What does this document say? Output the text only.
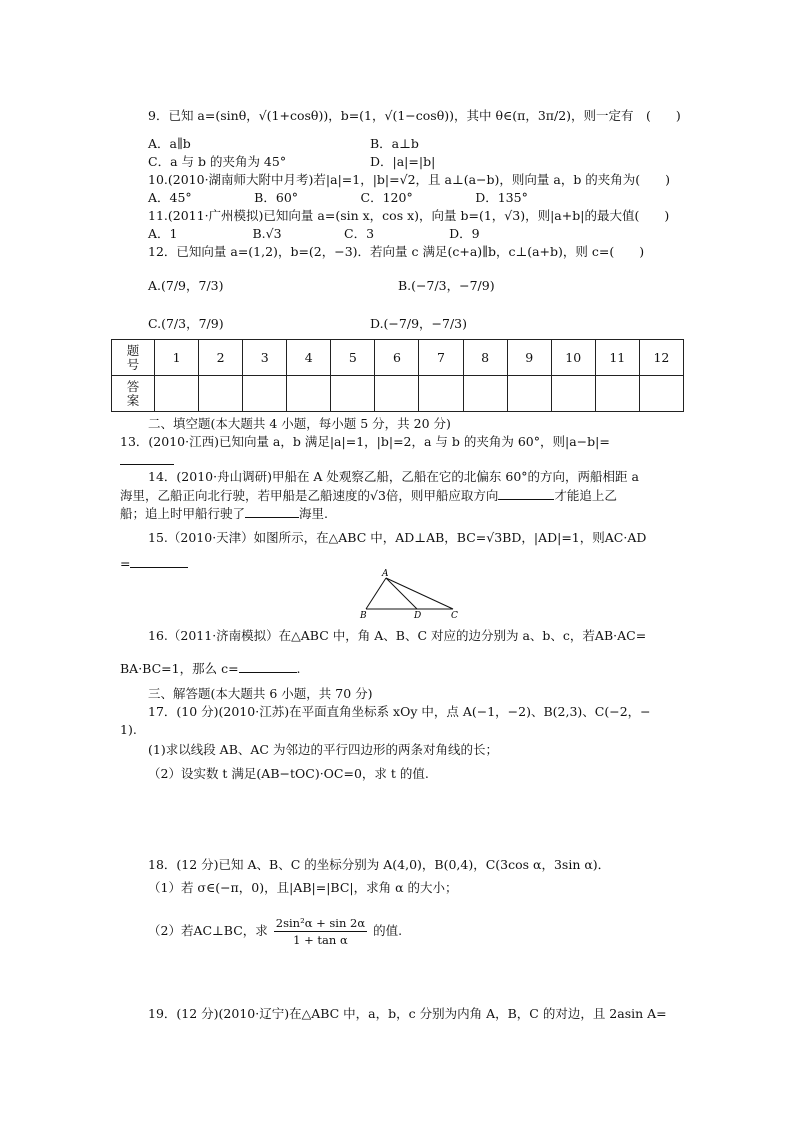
9．已知 a=(sinθ，√(1+cosθ))，b=(1，√(1−cosθ))，其中 θ∈(π，3π/2)，则一定有　(　　)
A．a∥b	B．a⊥b
C．a 与 b 的夹角为 45°	D．|a|=|b|
10.(2010·湖南师大附中月考)若|a|=1，|b|=√2，且 a⊥(a−b)，则向量 a，b 的夹角为(　　)
A．45°　　　　　B．60°　　　　　C．120°　　　　　D．135°
11.(2011·广州模拟)已知向量 a=(sin x，cos x)，向量 b=(1，√3)，则|a+b|的最大值(　　)
A．1　　　　　　B.√3　　　　　C．3　　　　　　D．9
12．已知向量 a=(1,2)，b=(2，−3)．若向量 c 满足(c+a)∥b，c⊥(a+b)，则 c=(　　)
A.(7/9，7/3)	B.(−7/3，−7/9)
C.(7/3，7/9)	D.(−7/9，−7/3)
题
号	1	2	3	4	5	6	7	8	9	10	11	12
答
案												
二、填空题(本大题共 4 小题，每小题 5 分，共 20 分)
13．(2010·江西)已知向量 a，b 满足|a|=1，|b|=2，a 与 b 的夹角为 60°，则|a−b|=
14．(2010·舟山调研)甲船在 A 处观察乙船，乙船在它的北偏东 60°的方向，两船相距 a
海里，乙船正向北行驶，若甲船是乙船速度的√3倍，则甲船应取方向	才能追上乙
船；追上时甲船行驶了	海里.
15.（2010·天津）如图所示，在△ABC 中，AD⊥AB，BC=√3BD，|AD|=1，则AC·AD
=
A
B	D	C
16.（2011·济南模拟）在△ABC 中，角 A、B、C 对应的边分别为 a、b、c，若AB·AC=
BA·BC=1，那么 c=	.
三、解答题(本大题共 6 小题，共 70 分)
17．(10 分)(2010·江苏)在平面直角坐标系 xOy 中，点 A(−1，−2)、B(2,3)、C(−2，−
1).
(1)求以线段 AB、AC 为邻边的平行四边形的两条对角线的长；
（2）设实数 t 满足(AB−tOC)·OC=0，求 t 的值.
18．(12 分)已知 A、B、C 的坐标分别为 A(4,0)，B(0,4)，C(3cos α，3sin α)．
（1）若 σ∈(−π，0)，且|AB|=|BC|，求角 α 的大小；
（2）若AC⊥BC，求 $\frac{\text{2sin²α + sin 2α}}{\text{1 + tan α}}$ 的值.
19．(12 分)(2010·辽宁)在△ABC 中，a，b，c 分别为内角 A，B，C 的对边，且 2asin A=
